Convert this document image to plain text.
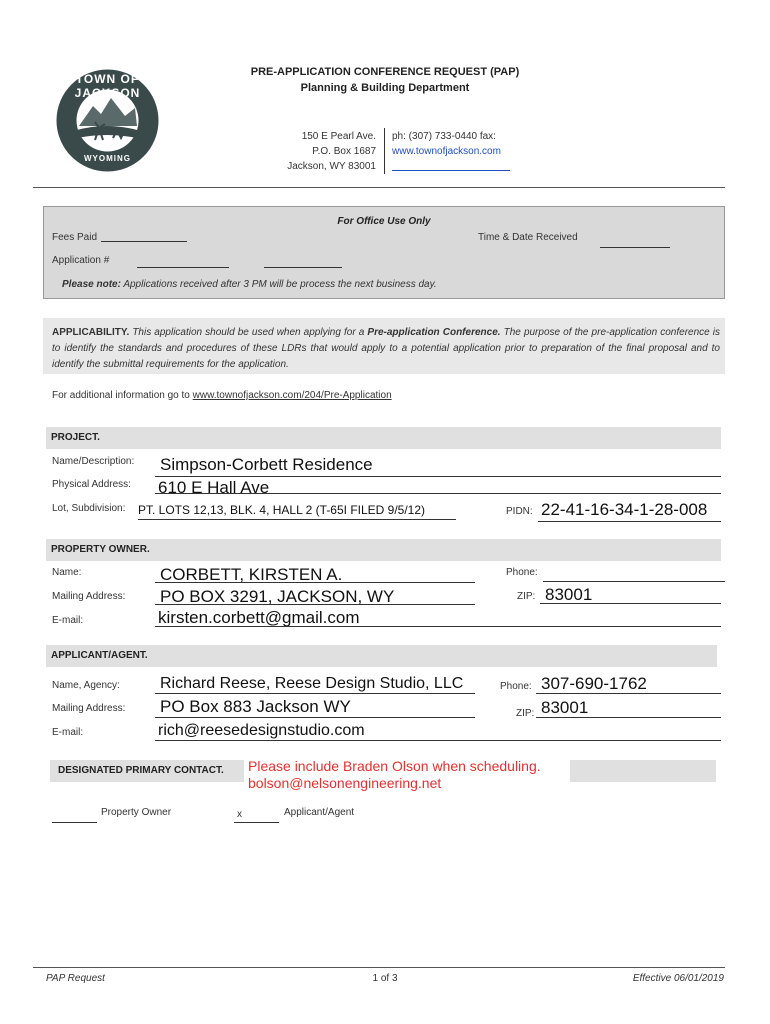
TOWN OF JACKSON
WYOMING
PRE-APPLICATION CONFERENCE REQUEST (PAP)
Planning & Building Department
150 E Pearl Ave.
P.O. Box 1687
Jackson, WY 83001
ph: (307) 733-0440 fax:
www.townofjackson.com
For Office Use Only
Fees Paid	Time & Date Received
Application #
Please note: Applications received after 3 PM will be process the next business day.
APPLICABILITY. This application should be used when applying for a Pre-application Conference. The purpose of the pre-application conference is to identify the standards and procedures of these LDRs that would apply to a potential application prior to preparation of the final proposal and to identify the submittal requirements for the application.
For additional information go to www.townofjackson.com/204/Pre-Application
PROJECT.
Name/Description: Simpson-Corbett Residence
Physical Address: 610 E Hall Ave
Lot, Subdivision: PT. LOTS 12,13, BLK. 4, HALL 2 (T-65I FILED 9/5/12)	PIDN: 22-41-16-34-1-28-008
PROPERTY OWNER.
Name:	CORBETT, KIRSTEN A.	Phone:
Mailing Address: PO BOX 3291, JACKSON, WY	ZIP: 83001
E-mail:	kirsten.corbett@gmail.com
APPLICANT/AGENT.
Name, Agency:	Richard Reese, Reese Design Studio, LLC	Phone: 307-690-1762
Mailing Address: PO Box 883 Jackson WY	ZIP: 83001
E-mail:	rich@reesedesignstudio.com
DESIGNATED PRIMARY CONTACT. Please include Braden Olson when scheduling.
bolson@nelsonengineering.net
Property Owner	x	Applicant/Agent
PAP Request	1 of 3	Effective 06/01/2019
